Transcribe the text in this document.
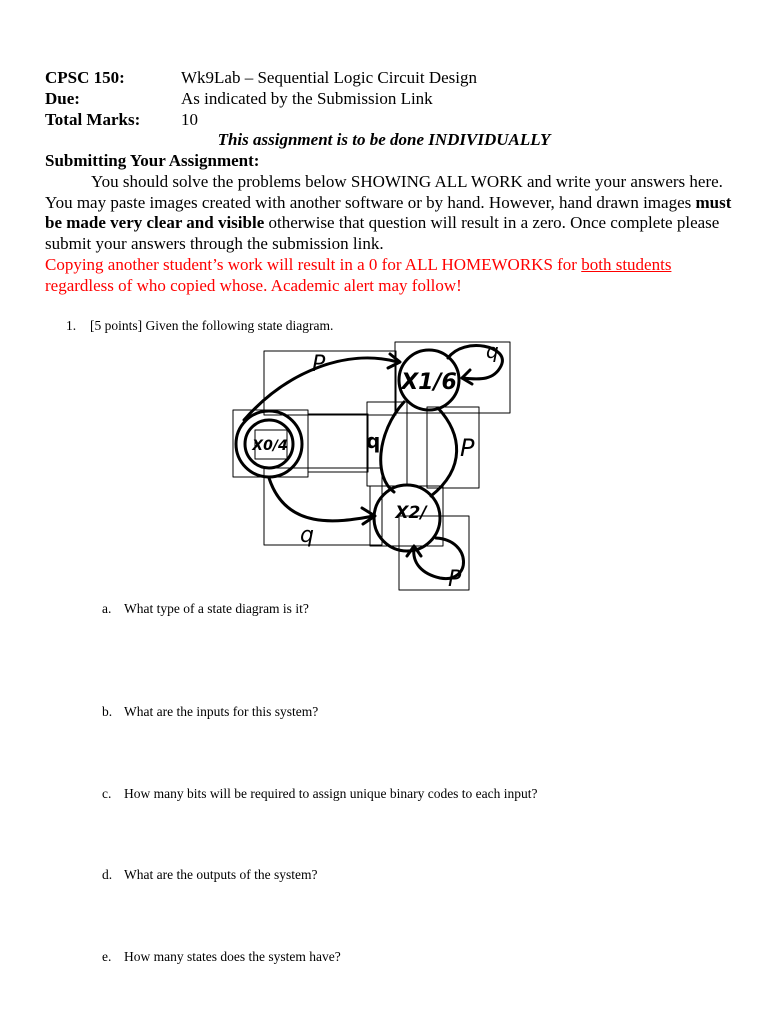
CPSC 150:	Wk9Lab – Sequential Logic Circuit Design
Due:	As indicated by the Submission Link
Total Marks: 10
This assignment is to be done INDIVIDUALLY
Submitting Your Assignment:
You should solve the problems below SHOWING ALL WORK and write your answers here. You may paste images created with another software or by hand. However, hand drawn images must be made very clear and visible otherwise that question will result in a zero. Once complete please submit your answers through the submission link.
Copying another student’s work will result in a 0 for ALL HOMEWORKS for both students regardless of who copied whose. Academic alert may follow!
1. [5 points] Given the following state diagram.
X1/6
X0/4
X2/
P
q
q	P
q
P
a. What type of a state diagram is it?
b. What are the inputs for this system?
c. How many bits will be required to assign unique binary codes to each input?
d. What are the outputs of the system?
e. How many states does the system have?
